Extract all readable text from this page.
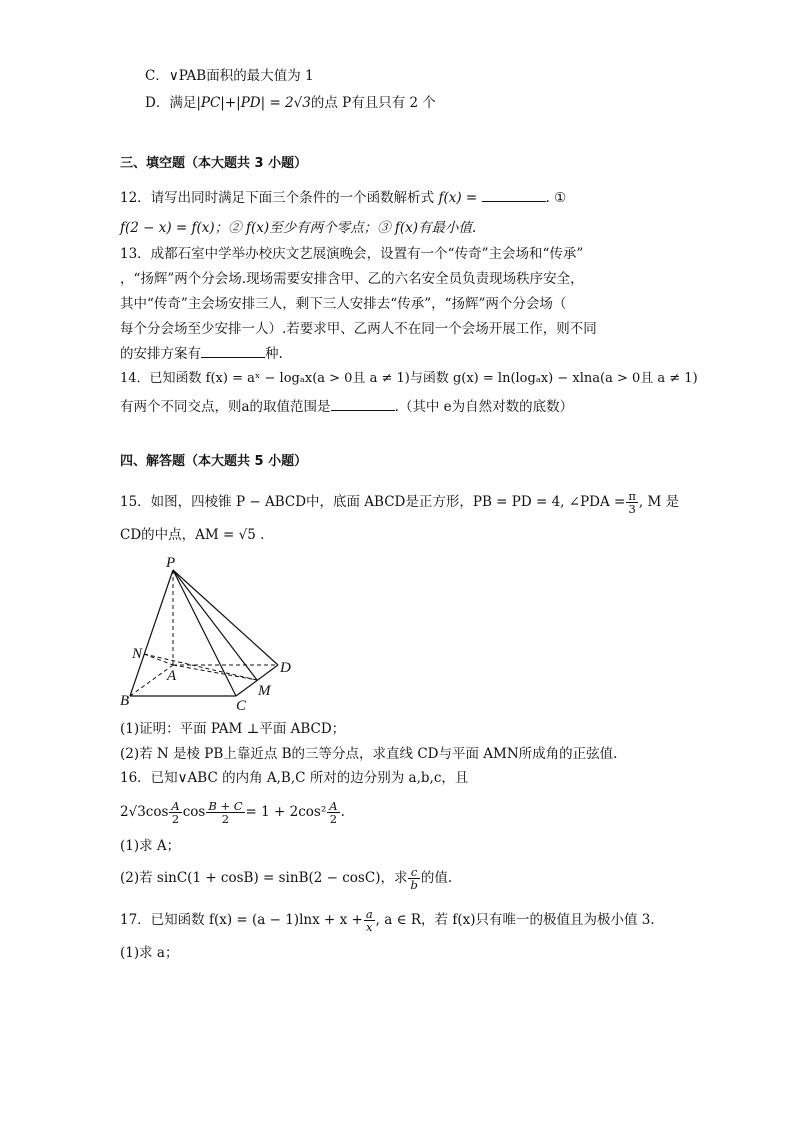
C．∨PAB面积的最大值为 1
D．满足|PC|+|PD| = 2√3的点 P有且只有 2 个
三、填空题（本大题共 3 小题）
12．请写出同时满足下面三个条件的一个函数解析式 f(x) =	. ①
f(2 − x) = f(x)；② f(x)至少有两个零点；③ f(x)有最小值.
13．成都石室中学举办校庆文艺展演晚会，设置有一个“传奇”主会场和“传承”
，“扬辉”两个分会场.现场需要安排含甲、乙的六名安全员负责现场秩序安全，
其中“传奇”主会场安排三人，剩下三人安排去“传承”，“扬辉”两个分会场（
每个分会场至少安排一人）.若要求甲、乙两人不在同一个会场开展工作，则不同
的安排方案有	种.
14．已知函数 f(x) = aˣ − logₐx(a > 0且 a ≠ 1)与函数 g(x) = ln(logₐx) − xlna(a > 0且 a ≠ 1)
有两个不同交点，则a的取值范围是	.（其中 e为自然对数的底数）
四、解答题（本大题共 5 小题）
15．如图，四棱锥 P − ABCD中，底面 ABCD是正方形，PB = PD = 4, ∠PDA = $\frac{\pi}{3}$ , M 是
CD的中点，AM = √5 .
P
N
A	D
M
B	C
(1)证明：平面 PAM ⊥平面 ABCD；
(2)若 N 是棱 PB上靠近点 B的三等分点，求直线 CD与平面 AMN所成角的正弦值.
16．已知∨ABC 的内角 A,B,C 所对的边分别为 a,b,c，且
$2√3\cos \frac{A}{2}$ $\cos \frac{B + C}{2} = 1 + 2\cos^2 \frac{A}{2}$ .
(1)求 A；
(2)若 sinC(1 + cosB) = sinB(2 − cosC)，求 $\frac{c}{b}$ 的值.
17．已知函数 $f(x) = (a - 1)\ln x + x + \frac{a}{x}$ , a ∈ R，若 f(x)只有唯一的极值且为极小值 3.
(1)求 a；
